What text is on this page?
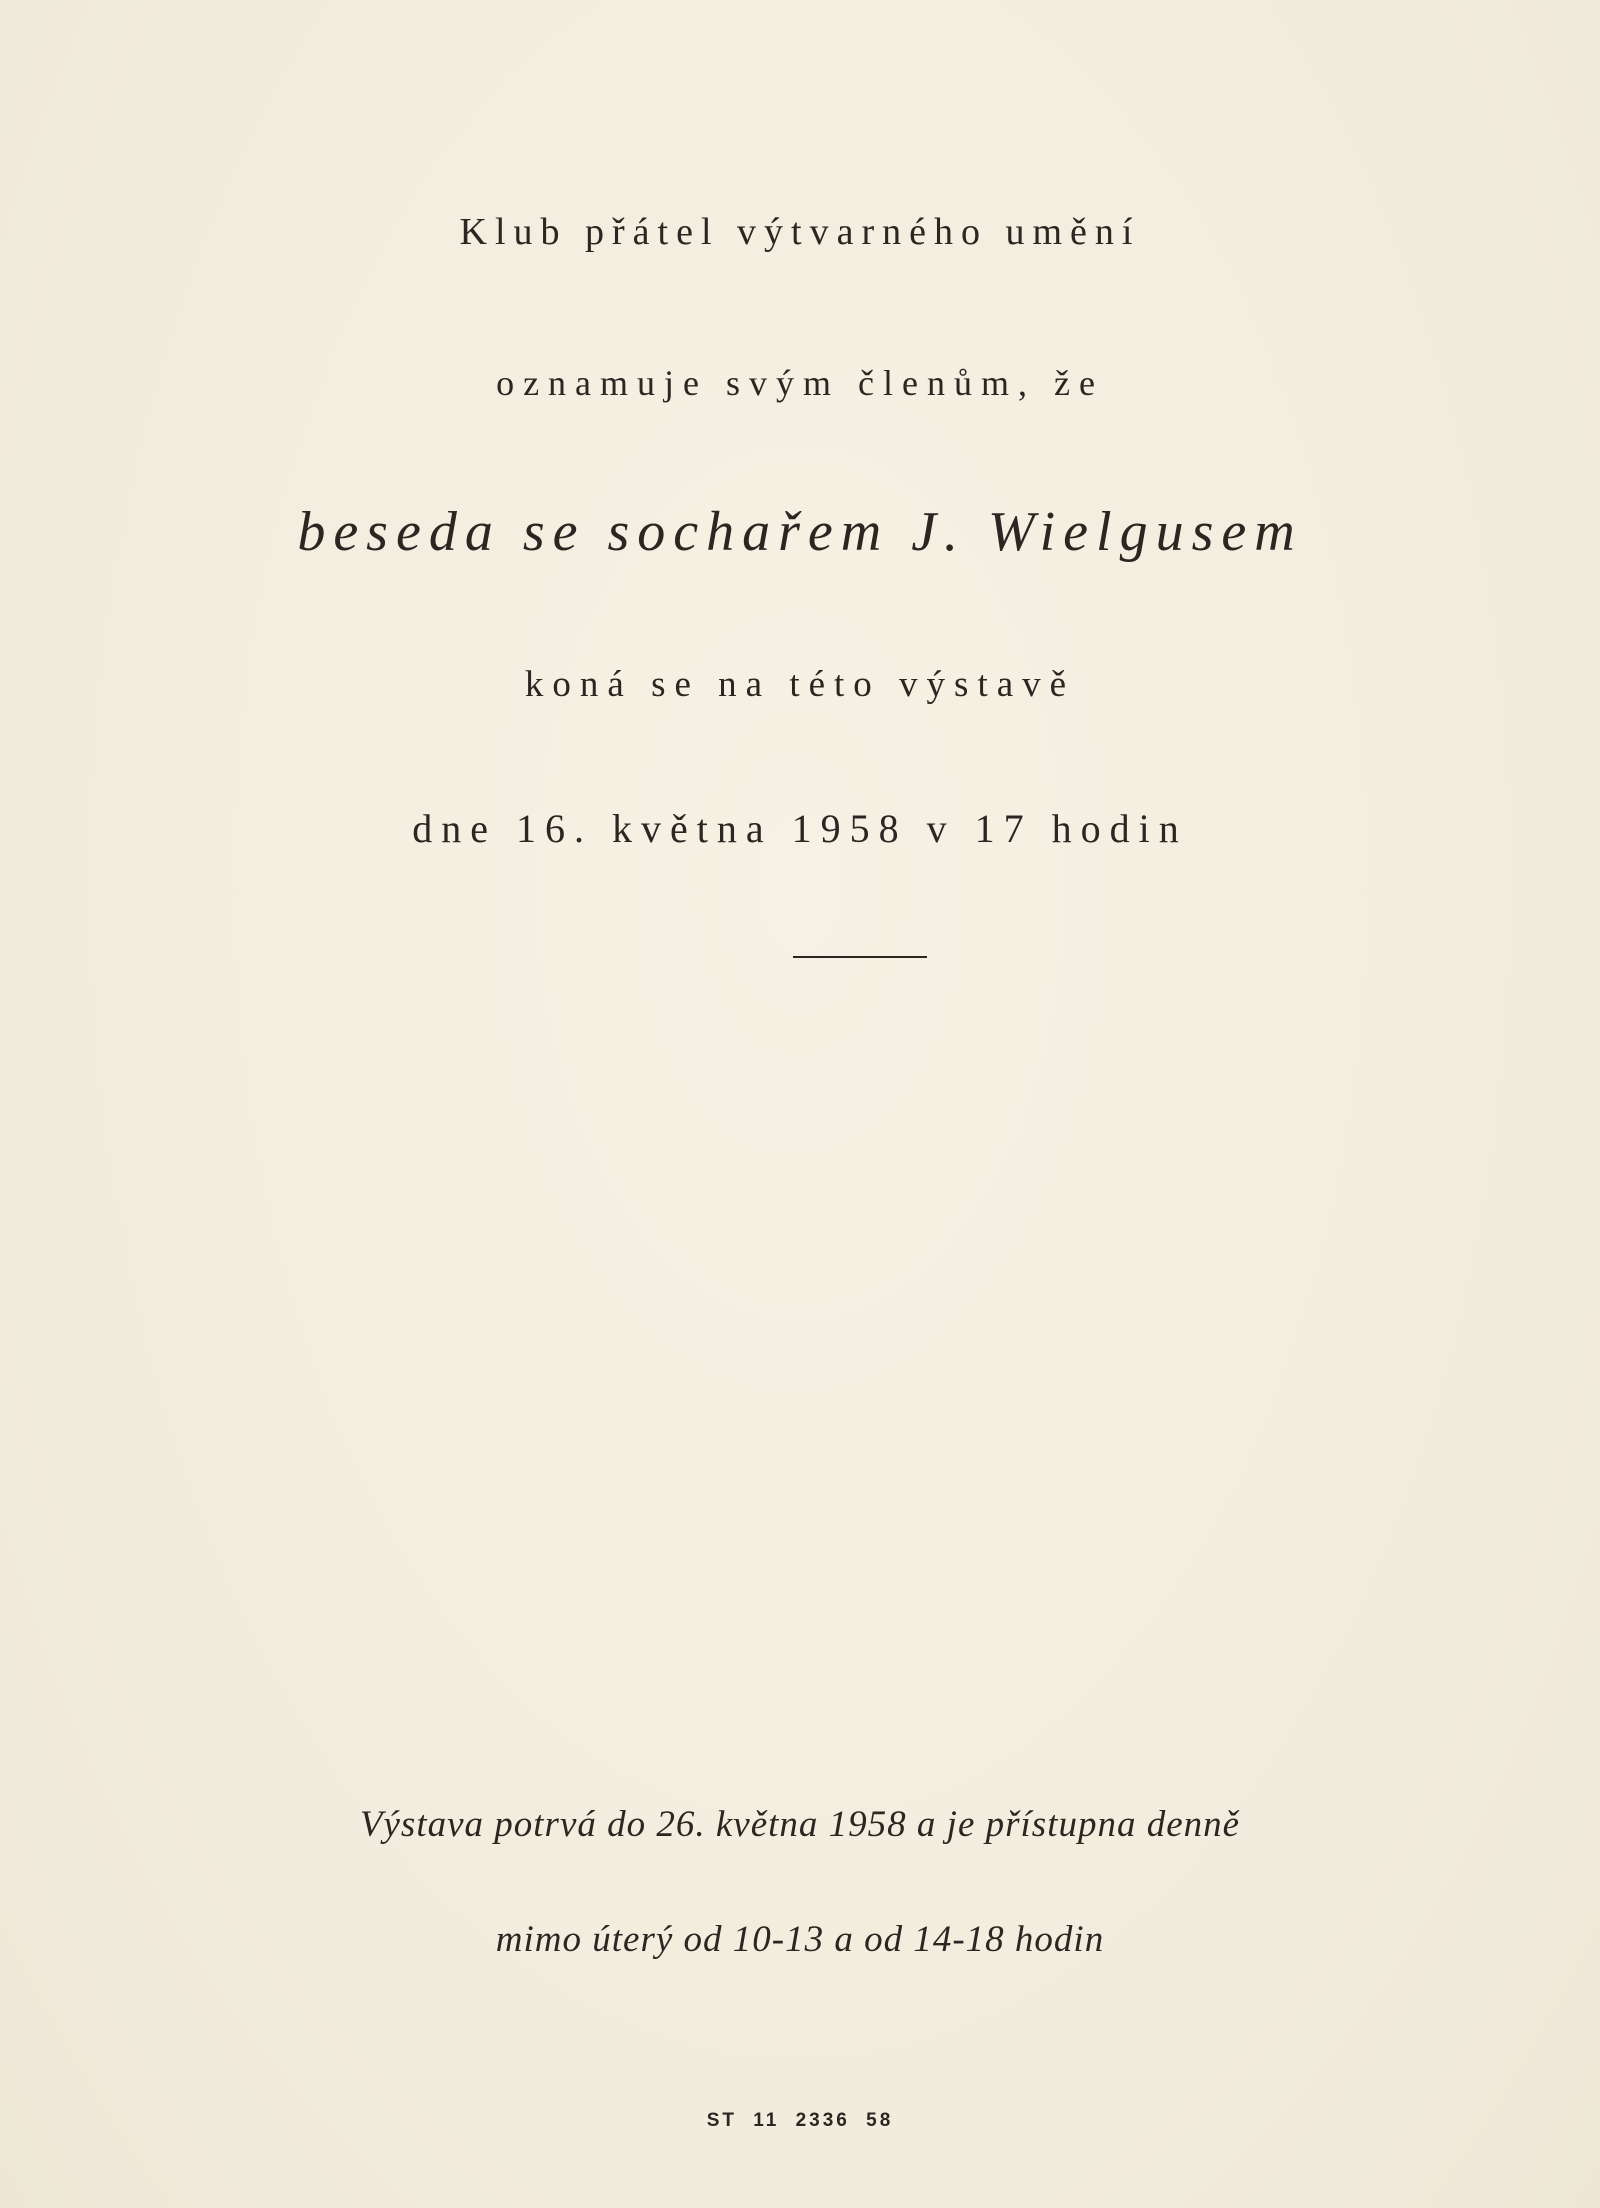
Klub přátel výtvarného umění
oznamuje svým členům, že
beseda se sochařem J. Wielgusem
koná se na této výstavě
dne 16. května 1958 v 17 hodin
Výstava potrvá do 26. května 1958 a je přístupna denně
mimo úterý od 10-13 a od 14-18 hodin
ST 11 2336 58
